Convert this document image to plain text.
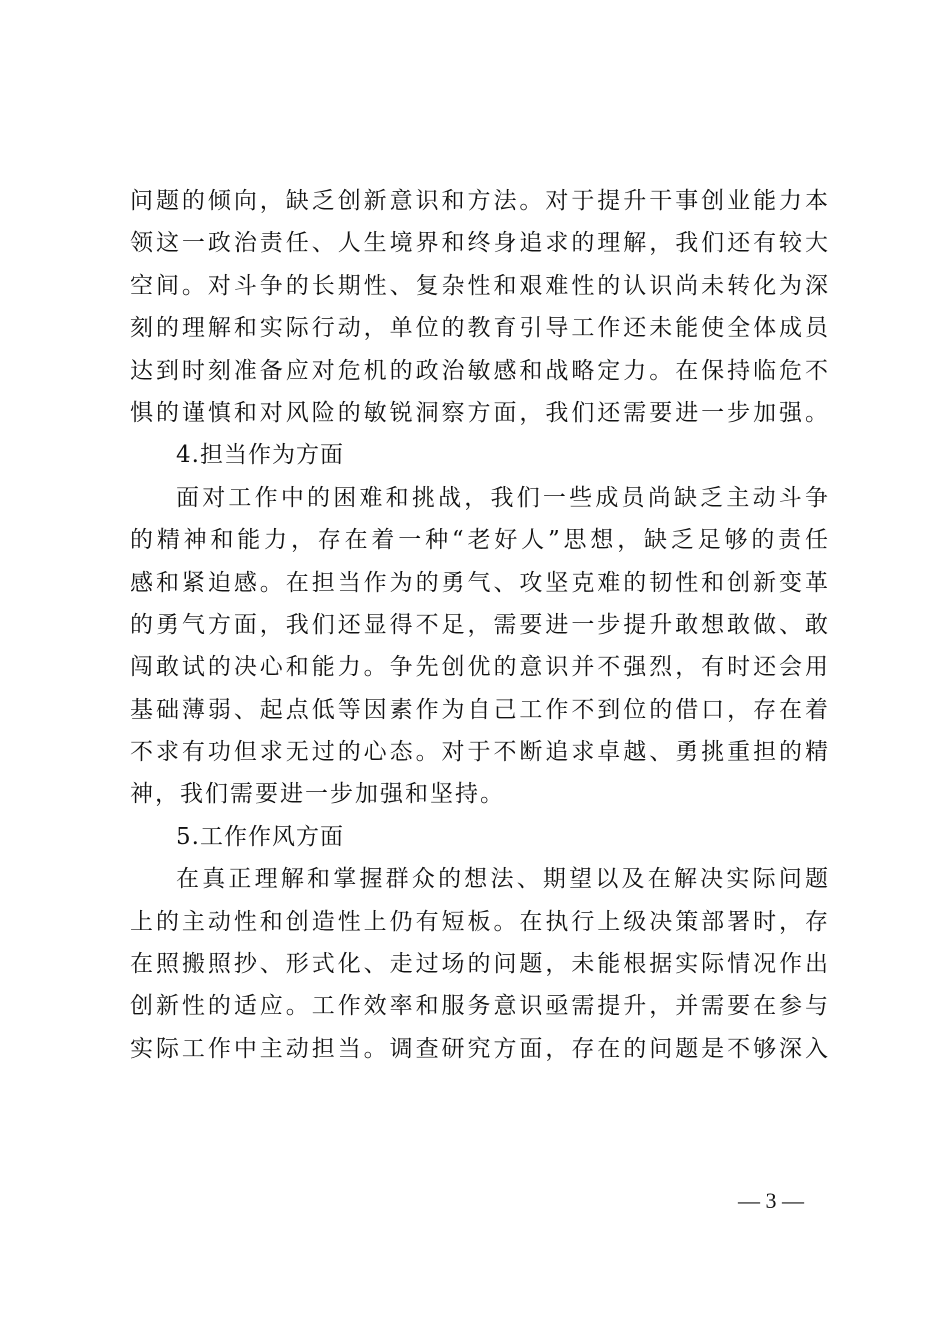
问题的倾向，缺乏创新意识和方法。对于提升干事创业能力本
领这一政治责任、人生境界和终身追求的理解，我们还有较大
空间。对斗争的长期性、复杂性和艰难性的认识尚未转化为深
刻的理解和实际行动，单位的教育引导工作还未能使全体成员
达到时刻准备应对危机的政治敏感和战略定力。在保持临危不
惧的谨慎和对风险的敏锐洞察方面，我们还需要进一步加强。
4.担当作为方面
面对工作中的困难和挑战，我们一些成员尚缺乏主动斗争
的精神和能力，存在着一种“老好人”思想，缺乏足够的责任
感和紧迫感。在担当作为的勇气、攻坚克难的韧性和创新变革
的勇气方面，我们还显得不足，需要进一步提升敢想敢做、敢
闯敢试的决心和能力。争先创优的意识并不强烈，有时还会用
基础薄弱、起点低等因素作为自己工作不到位的借口，存在着
不求有功但求无过的心态。对于不断追求卓越、勇挑重担的精
神，我们需要进一步加强和坚持。
5.工作作风方面
在真正理解和掌握群众的想法、期望以及在解决实际问题
上的主动性和创造性上仍有短板。在执行上级决策部署时，存
在照搬照抄、形式化、走过场的问题，未能根据实际情况作出
创新性的适应。工作效率和服务意识亟需提升，并需要在参与
实际工作中主动担当。调查研究方面，存在的问题是不够深入
— 3 —
